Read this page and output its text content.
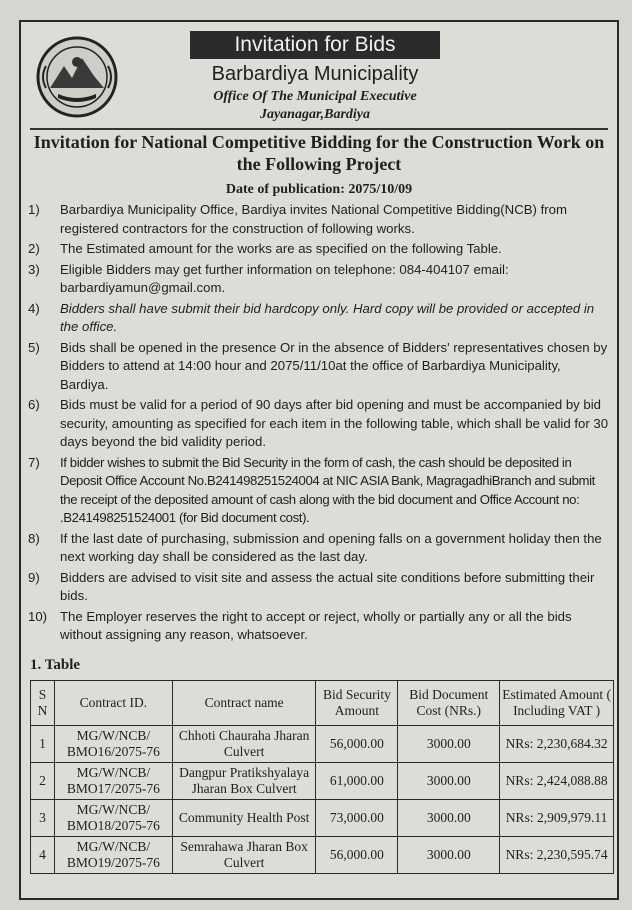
Invitation for Bids
Barbardiya Municipality
Office Of The Municipal Executive
Jayanagar,Bardiya
Invitation for National Competitive Bidding for the Construction Work on the Following Project
Date of publication: 2075/10/09
1)	Barbardiya Municipality Office, Bardiya invites National Competitive Bidding(NCB) from registered contractors for the construction of following works.
2)	The Estimated amount for the works are as specified on the following Table.
3)	Eligible Bidders may get further information on telephone: 084-404107 email: barbardiyamun@gmail.com.
4)	Bidders shall have submit their bid hardcopy only. Hard copy will be provided or accepted in the office.
5)	Bids shall be opened in the presence Or in the absence of Bidders' representatives chosen by Bidders to attend at 14:00 hour and 2075/11/10at the office of Barbardiya Municipality, Bardiya.
6)	Bids must be valid for a period of 90 days after bid opening and must be accompanied by bid security, amounting as specified for each item in the following table, which shall be valid for 30 days beyond the bid validity period.
7)	If bidder wishes to submit the Bid Security in the form of cash, the cash should be deposited in Deposit Office Account No.B241498251524004 at NIC ASIA Bank, MagragadhiBranch and submit the receipt of the deposited amount of cash along with the bid document and Office Account no: .B241498251524001 (for Bid document cost).
8)	If the last date of purchasing, submission and opening falls on a government holiday then the next working day shall be considered as the last day.
9)	Bidders are advised to visit site and assess the actual site conditions before submitting their bids.
10) The Employer reserves the right to accept or reject, wholly or partially any or all the bids without assigning any reason, whatsoever.
1. Table
S N	Contract ID.	Contract name	Bid Security Amount	Bid Document Cost (NRs.)	Estimated Amount ( Including VAT )
1	MG/W/NCB/ BMO16/2075-76	Chhoti Chauraha Jharan Culvert	56,000.00	3000.00	NRs: 2,230,684.32
2	MG/W/NCB/ BMO17/2075-76	Dangpur Pratikshyalaya Jharan Box Culvert	61,000.00	3000.00	NRs: 2,424,088.88
3	MG/W/NCB/ BMO18/2075-76	Community Health Post	73,000.00	3000.00	NRs: 2,909,979.11
4	MG/W/NCB/ BMO19/2075-76	Semrahawa Jharan Box Culvert	56,000.00	3000.00	NRs: 2,230,595.74
